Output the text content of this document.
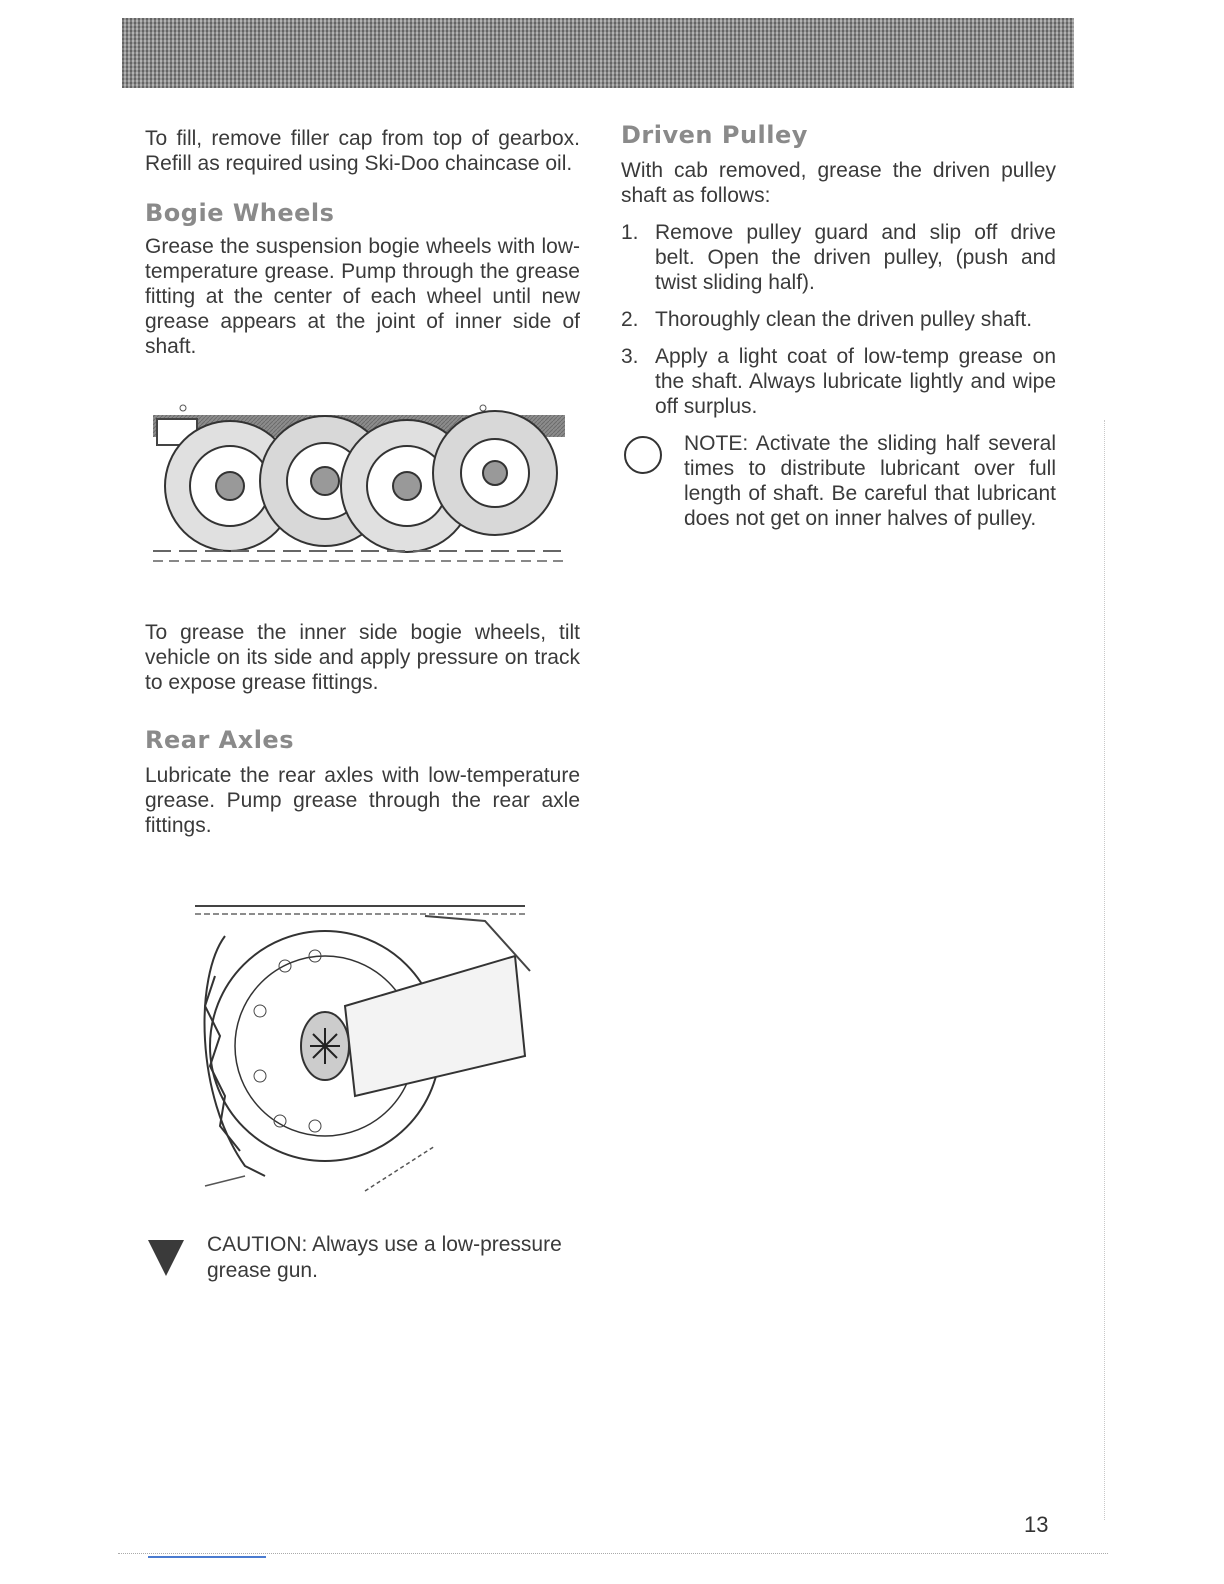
To fill, remove filler cap from top of gearbox. Refill as required using Ski-Doo chaincase oil.

Bogie Wheels

Grease the suspension bogie wheels with low-temperature grease. Pump through the grease fitting at the center of each wheel until new grease appears at the joint of inner side of shaft.

To grease the inner side bogie wheels, tilt vehicle on its side and apply pressure on track to expose grease fittings.

Rear Axles

Lubricate the rear axles with low-temperature grease. Pump grease through the rear axle fittings.

CAUTION: Always use a low-pressure grease gun.
Driven Pulley

With cab removed, grease the driven pulley shaft as follows:

1. Remove pulley guard and slip off drive belt. Open the driven pulley, (push and twist sliding half).
2. Thoroughly clean the driven pulley shaft.
3. Apply a light coat of low-temp grease on the shaft. Always lubricate lightly and wipe off surplus.
NOTE: Activate the sliding half several times to distribute lubricant over full length of shaft. Be careful that lubricant does not get on inner halves of pulley.
13
